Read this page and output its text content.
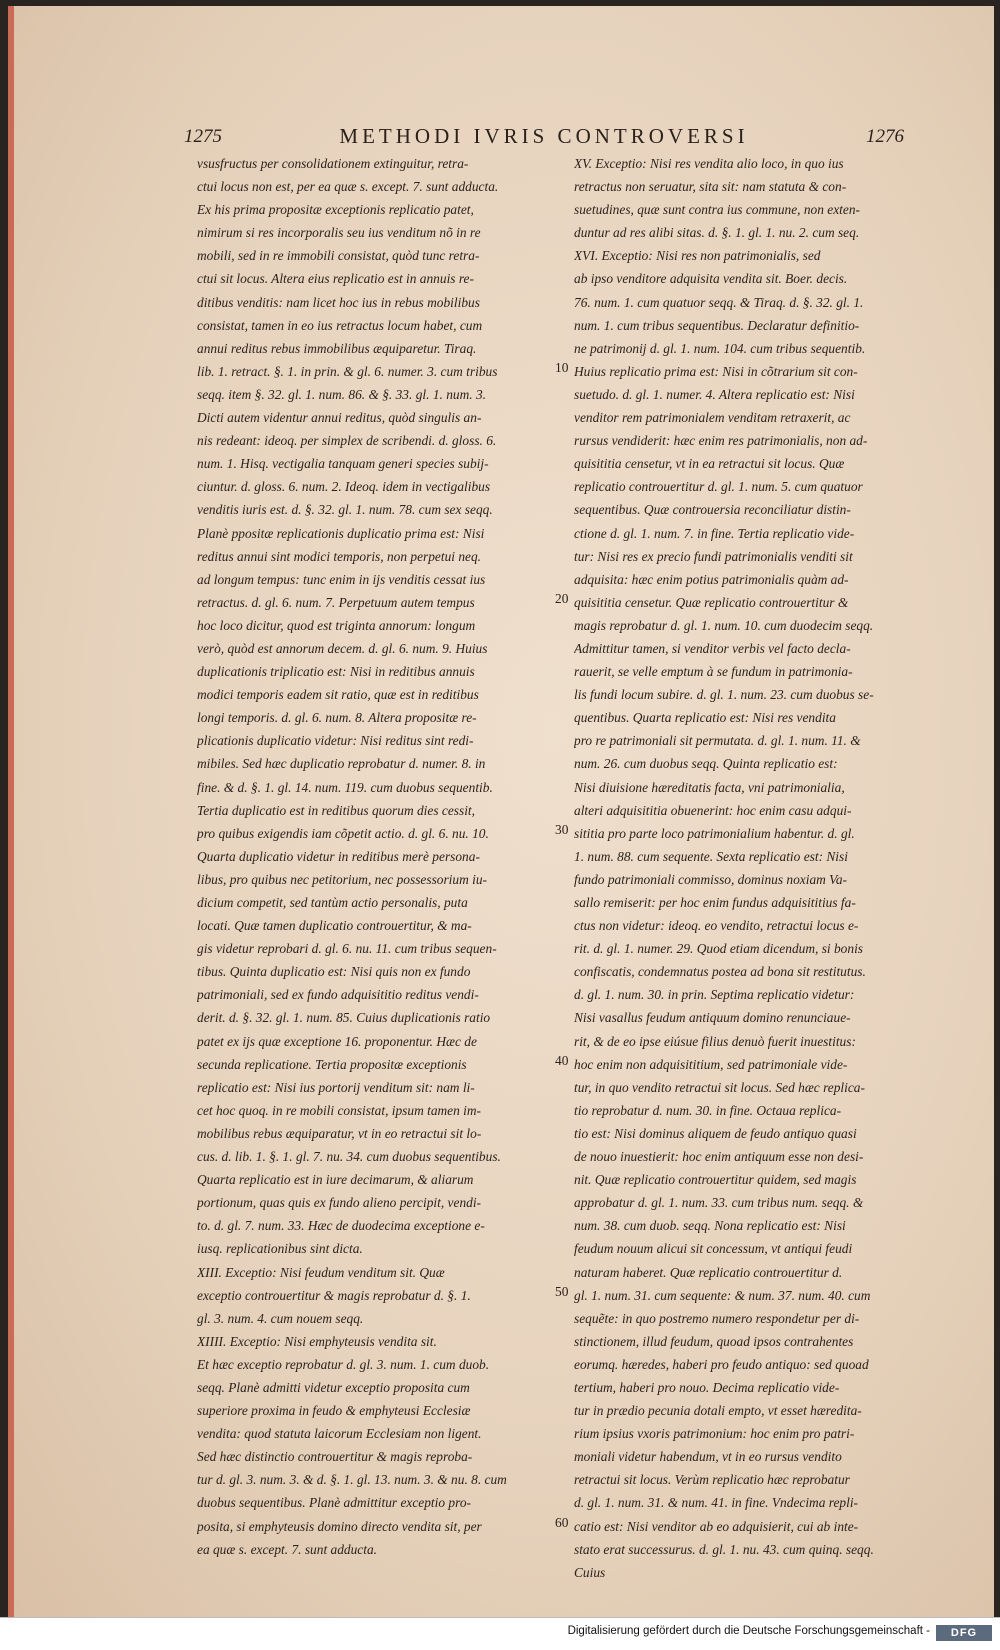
1275	METHODI IVRIS CONTROVERSI	1276
vsusfructus per consolidationem extinguitur, retra-
ctui locus non est, per ea quæ s. except. 7. sunt adducta.
Ex his prima propositæ exceptionis replicatio patet,
nimirum si res incorporalis seu ius venditum nõ in re
mobili, sed in re immobili consistat, quòd tunc retra-
ctui sit locus. Altera eius replicatio est in annuis re-
ditibus venditis: nam licet hoc ius in rebus mobilibus
consistat, tamen in eo ius retractus locum habet, cum
annui reditus rebus immobilibus æquiparetur. Tiraq.
lib. 1. retract. §. 1. in prin. & gl. 6. numer. 3. cum tribus
seqq. item §. 32. gl. 1. num. 86. & §. 33. gl. 1. num. 3.
Dicti autem videntur annui reditus, quòd singulis an-
nis redeant: ideoq. per simplex de scribendi. d. gloss. 6.
num. 1. Hisq. vectigalia tanquam generi species subij-
ciuntur. d. gloss. 6. num. 2. Ideoq. idem in vectigalibus
venditis iuris est. d. §. 32. gl. 1. num. 78. cum sex seqq.
Planè ppositæ replicationis duplicatio prima est: Nisi
reditus annui sint modici temporis, non perpetui neq.
ad longum tempus: tunc enim in ijs venditis cessat ius
retractus. d. gl. 6. num. 7. Perpetuum autem tempus
hoc loco dicitur, quod est triginta annorum: longum
verò, quòd est annorum decem. d. gl. 6. num. 9. Huius
duplicationis triplicatio est: Nisi in reditibus annuis
modici temporis eadem sit ratio, quæ est in reditibus
longi temporis. d. gl. 6. num. 8. Altera propositæ re-
plicationis duplicatio videtur: Nisi reditus sint redi-
mibiles. Sed hæc duplicatio reprobatur d. numer. 8. in
fine. & d. §. 1. gl. 14. num. 119. cum duobus sequentib.
Tertia duplicatio est in reditibus quorum dies cessit,
pro quibus exigendis iam cõpetit actio. d. gl. 6. nu. 10.
Quarta duplicatio videtur in reditibus merè persona-
libus, pro quibus nec petitorium, nec possessorium iu-
dicium competit, sed tantùm actio personalis, puta
locati. Quæ tamen duplicatio controuertitur, & ma-
gis videtur reprobari d. gl. 6. nu. 11. cum tribus sequen-
tibus. Quinta duplicatio est: Nisi quis non ex fundo
patrimoniali, sed ex fundo adquisititio reditus vendi-
derit. d. §. 32. gl. 1. num. 85. Cuius duplicationis ratio
patet ex ijs quæ exceptione 16. proponentur. Hæc de
secunda replicatione. Tertia propositæ exceptionis
replicatio est: Nisi ius portorij venditum sit: nam li-
cet hoc quoq. in re mobili consistat, ipsum tamen im-
mobilibus rebus æquiparatur, vt in eo retractui sit lo-
cus. d. lib. 1. §. 1. gl. 7. nu. 34. cum duobus sequentibus.
Quarta replicatio est in iure decimarum, & aliarum
portionum, quas quis ex fundo alieno percipit, vendi-
to. d. gl. 7. num. 33. Hæc de duodecima exceptione e-
iusq. replicationibus sint dicta.
XIII. Exceptio: Nisi feudum venditum sit. Quæ
exceptio controuertitur & magis reprobatur d. §. 1.
gl. 3. num. 4. cum nouem seqq.
XIIII. Exceptio: Nisi emphyteusis vendita sit.
Et hæc exceptio reprobatur d. gl. 3. num. 1. cum duob.
seqq. Planè admitti videtur exceptio proposita cum
superiore proxima in feudo & emphyteusi Ecclesiæ
vendita: quod statuta laicorum Ecclesiam non ligent.
Sed hæc distinctio controuertitur & magis reproba-
tur d. gl. 3. num. 3. & d. §. 1. gl. 13. num. 3. & nu. 8. cum
duobus sequentibus. Planè admittitur exceptio pro-
posita, si emphyteusis domino directo vendita sit, per
ea quæ s. except. 7. sunt adducta.
10
20
30
40
50
60
XV. Exceptio: Nisi res vendita alio loco, in quo ius
retractus non seruatur, sita sit: nam statuta & con-
suetudines, quæ sunt contra ius commune, non exten-
duntur ad res alibi sitas. d. §. 1. gl. 1. nu. 2. cum seq.
XVI. Exceptio: Nisi res non patrimonialis, sed
ab ipso venditore adquisita vendita sit. Boer. decis.
76. num. 1. cum quatuor seqq. & Tiraq. d. §. 32. gl. 1.
num. 1. cum tribus sequentibus. Declaratur definitio-
ne patrimonij d. gl. 1. num. 104. cum tribus sequentib.
Huius replicatio prima est: Nisi in cõtrarium sit con-
suetudo. d. gl. 1. numer. 4. Altera replicatio est: Nisi
venditor rem patrimonialem venditam retraxerit, ac
rursus vendiderit: hæc enim res patrimonialis, non ad-
quisititia censetur, vt in ea retractui sit locus. Quæ
replicatio controuertitur d. gl. 1. num. 5. cum quatuor
sequentibus. Quæ controuersia reconciliatur distin-
ctione d. gl. 1. num. 7. in fine. Tertia replicatio vide-
tur: Nisi res ex precio fundi patrimonialis venditi sit
adquisita: hæc enim potius patrimonialis quàm ad-
quisititia censetur. Quæ replicatio controuertitur &
magis reprobatur d. gl. 1. num. 10. cum duodecim seqq.
Admittitur tamen, si venditor verbis vel facto decla-
rauerit, se velle emptum à se fundum in patrimonia-
lis fundi locum subire. d. gl. 1. num. 23. cum duobus se-
quentibus. Quarta replicatio est: Nisi res vendita
pro re patrimoniali sit permutata. d. gl. 1. num. 11. &
num. 26. cum duobus seqq. Quinta replicatio est:
Nisi diuisione hæreditatis facta, vni patrimonialia,
alteri adquisititia obuenerint: hoc enim casu adqui-
sititia pro parte loco patrimonialium habentur. d. gl.
1. num. 88. cum sequente. Sexta replicatio est: Nisi
fundo patrimoniali commisso, dominus noxiam Va-
sallo remiserit: per hoc enim fundus adquisititius fa-
ctus non videtur: ideoq. eo vendito, retractui locus e-
rit. d. gl. 1. numer. 29. Quod etiam dicendum, si bonis
confiscatis, condemnatus postea ad bona sit restitutus.
d. gl. 1. num. 30. in prin. Septima replicatio videtur:
Nisi vasallus feudum antiquum domino renunciaue-
rit, & de eo ipse eiúsue filius denuò fuerit inuestitus:
hoc enim non adquisititium, sed patrimoniale vide-
tur, in quo vendito retractui sit locus. Sed hæc replica-
tio reprobatur d. num. 30. in fine. Octaua replica-
tio est: Nisi dominus aliquem de feudo antiquo quasi
de nouo inuestierit: hoc enim antiquum esse non desi-
nit. Quæ replicatio controuertitur quidem, sed magis
approbatur d. gl. 1. num. 33. cum tribus num. seqq. &
num. 38. cum duob. seqq. Nona replicatio est: Nisi
feudum nouum alicui sit concessum, vt antiqui feudi
naturam haberet. Quæ replicatio controuertitur d.
gl. 1. num. 31. cum sequente: & num. 37. num. 40. cum
sequẽte: in quo postremo numero respondetur per di-
stinctionem, illud feudum, quoad ipsos contrahentes
eorumq. hæredes, haberi pro feudo antiquo: sed quoad
tertium, haberi pro nouo. Decima replicatio vide-
tur in prædio pecunia dotali empto, vt esset hæredita-
rium ipsius vxoris patrimonium: hoc enim pro patri-
moniali videtur habendum, vt in eo rursus vendito
retractui sit locus. Verùm replicatio hæc reprobatur
d. gl. 1. num. 31. & num. 41. in fine. Vndecima repli-
catio est: Nisi venditor ab eo adquisierit, cui ab inte-
stato erat successurus. d. gl. 1. nu. 43. cum quinq. seqq.
Cuius
Digitalisierung gefördert durch die Deutsche Forschungsgemeinschaft -	DFG
